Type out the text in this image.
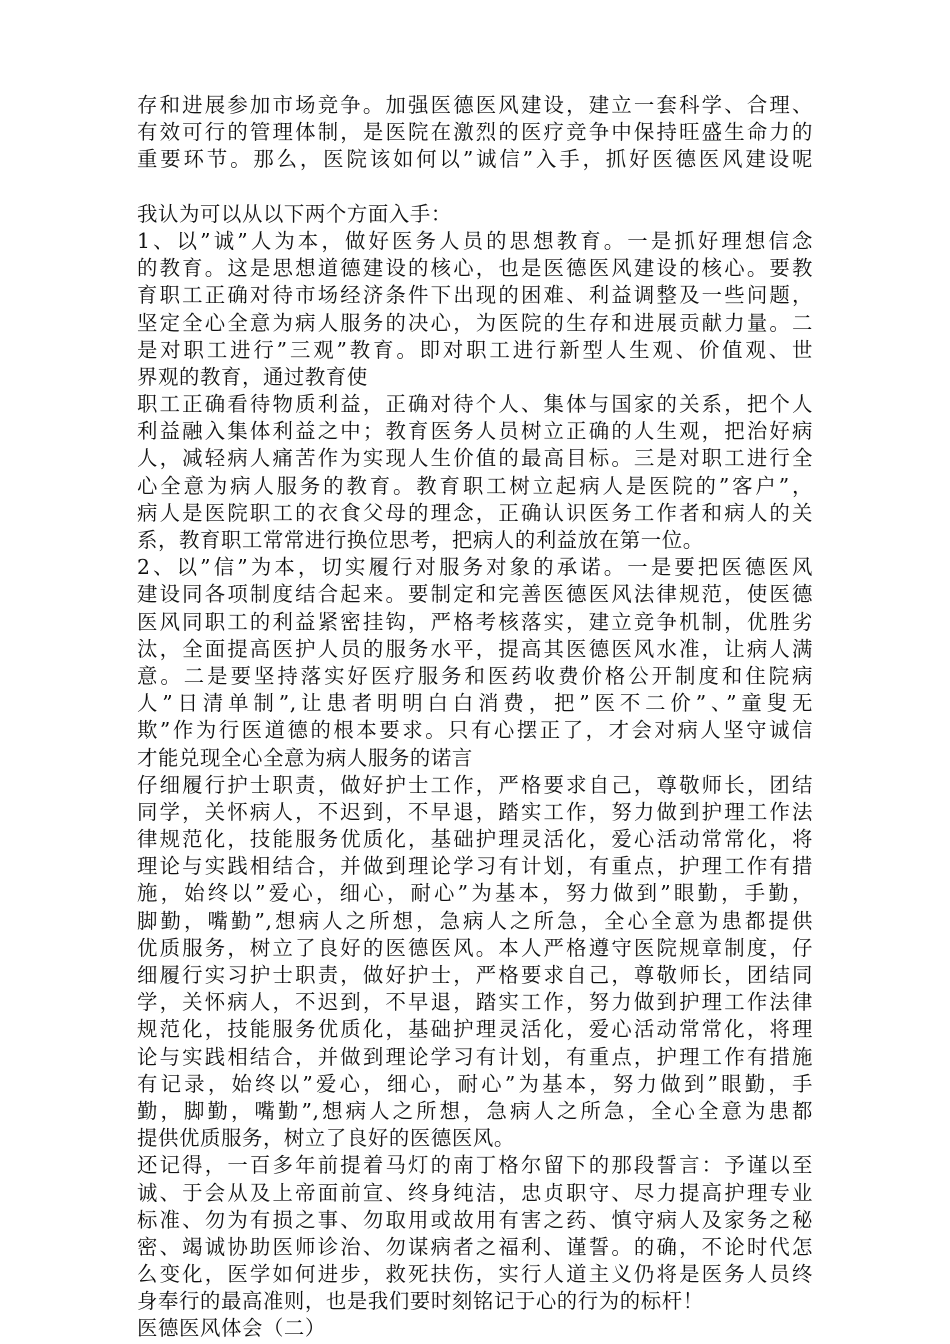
存和进展参加市场竞争。加强医德医风建设，建立一套科学、合理、
有效可行的管理体制，是医院在激烈的医疗竞争中保持旺盛生命力的
重要环节。那么，医院该如何以”诚信”入手，抓好医德医风建设呢
我认为可以从以下两个方面入手：
1、以”诚”人为本，做好医务人员的思想教育。一是抓好理想信念
的教育。这是思想道德建设的核心，也是医德医风建设的核心。要教
育职工正确对待市场经济条件下出现的困难、利益调整及一些问题，
坚定全心全意为病人服务的决心，为医院的生存和进展贡献力量。二
是对职工进行”三观”教育。即对职工进行新型人生观、价值观、世
界观的教育，通过教育使
职工正确看待物质利益，正确对待个人、集体与国家的关系，把个人
利益融入集体利益之中；教育医务人员树立正确的人生观，把治好病
人，减轻病人痛苦作为实现人生价值的最高目标。三是对职工进行全
心全意为病人服务的教育。教育职工树立起病人是医院的”客户”，
病人是医院职工的衣食父母的理念，正确认识医务工作者和病人的关
系，教育职工常常进行换位思考，把病人的利益放在第一位。
2、以”信”为本，切实履行对服务对象的承诺。一是要把医德医风
建设同各项制度结合起来。要制定和完善医德医风法律规范，使医德
医风同职工的利益紧密挂钩，严格考核落实，建立竞争机制，优胜劣
汰，全面提高医护人员的服务水平，提高其医德医风水准，让病人满
意。二是要坚持落实好医疗服务和医药收费价格公开制度和住院病
人”日清单制”,让患者明明白白消费，把”医不二价”、”童叟无
欺”作为行医道德的根本要求。只有心摆正了，才会对病人坚守诚信
才能兑现全心全意为病人服务的诺言
仔细履行护士职责，做好护士工作，严格要求自己，尊敬师长，团结
同学，关怀病人，不迟到，不早退，踏实工作，努力做到护理工作法
律规范化，技能服务优质化，基础护理灵活化，爱心活动常常化，将
理论与实践相结合，并做到理论学习有计划，有重点，护理工作有措
施，始终以”爱心，细心，耐心”为基本，努力做到”眼勤，手勤，
脚勤，嘴勤”,想病人之所想，急病人之所急，全心全意为患都提供
优质服务，树立了良好的医德医风。本人严格遵守医院规章制度，仔
细履行实习护士职责，做好护士，严格要求自己，尊敬师长，团结同
学，关怀病人，不迟到，不早退，踏实工作，努力做到护理工作法律
规范化，技能服务优质化，基础护理灵活化，爱心活动常常化，将理
论与实践相结合，并做到理论学习有计划，有重点，护理工作有措施
有记录，始终以”爱心，细心，耐心”为基本，努力做到”眼勤，手
勤，脚勤，嘴勤”,想病人之所想，急病人之所急，全心全意为患都
提供优质服务，树立了良好的医德医风。
还记得，一百多年前提着马灯的南丁格尔留下的那段誓言：予谨以至
诚、于会从及上帝面前宣、终身纯洁，忠贞职守、尽力提高护理专业
标准、勿为有损之事、勿取用或故用有害之药、慎守病人及家务之秘
密、竭诚协助医师诊治、勿谋病者之福利、谨誓。的确，不论时代怎
么变化，医学如何进步，救死扶伤，实行人道主义仍将是医务人员终
身奉行的最高准则，也是我们要时刻铭记于心的行为的标杆！
医德医风体会（二）
